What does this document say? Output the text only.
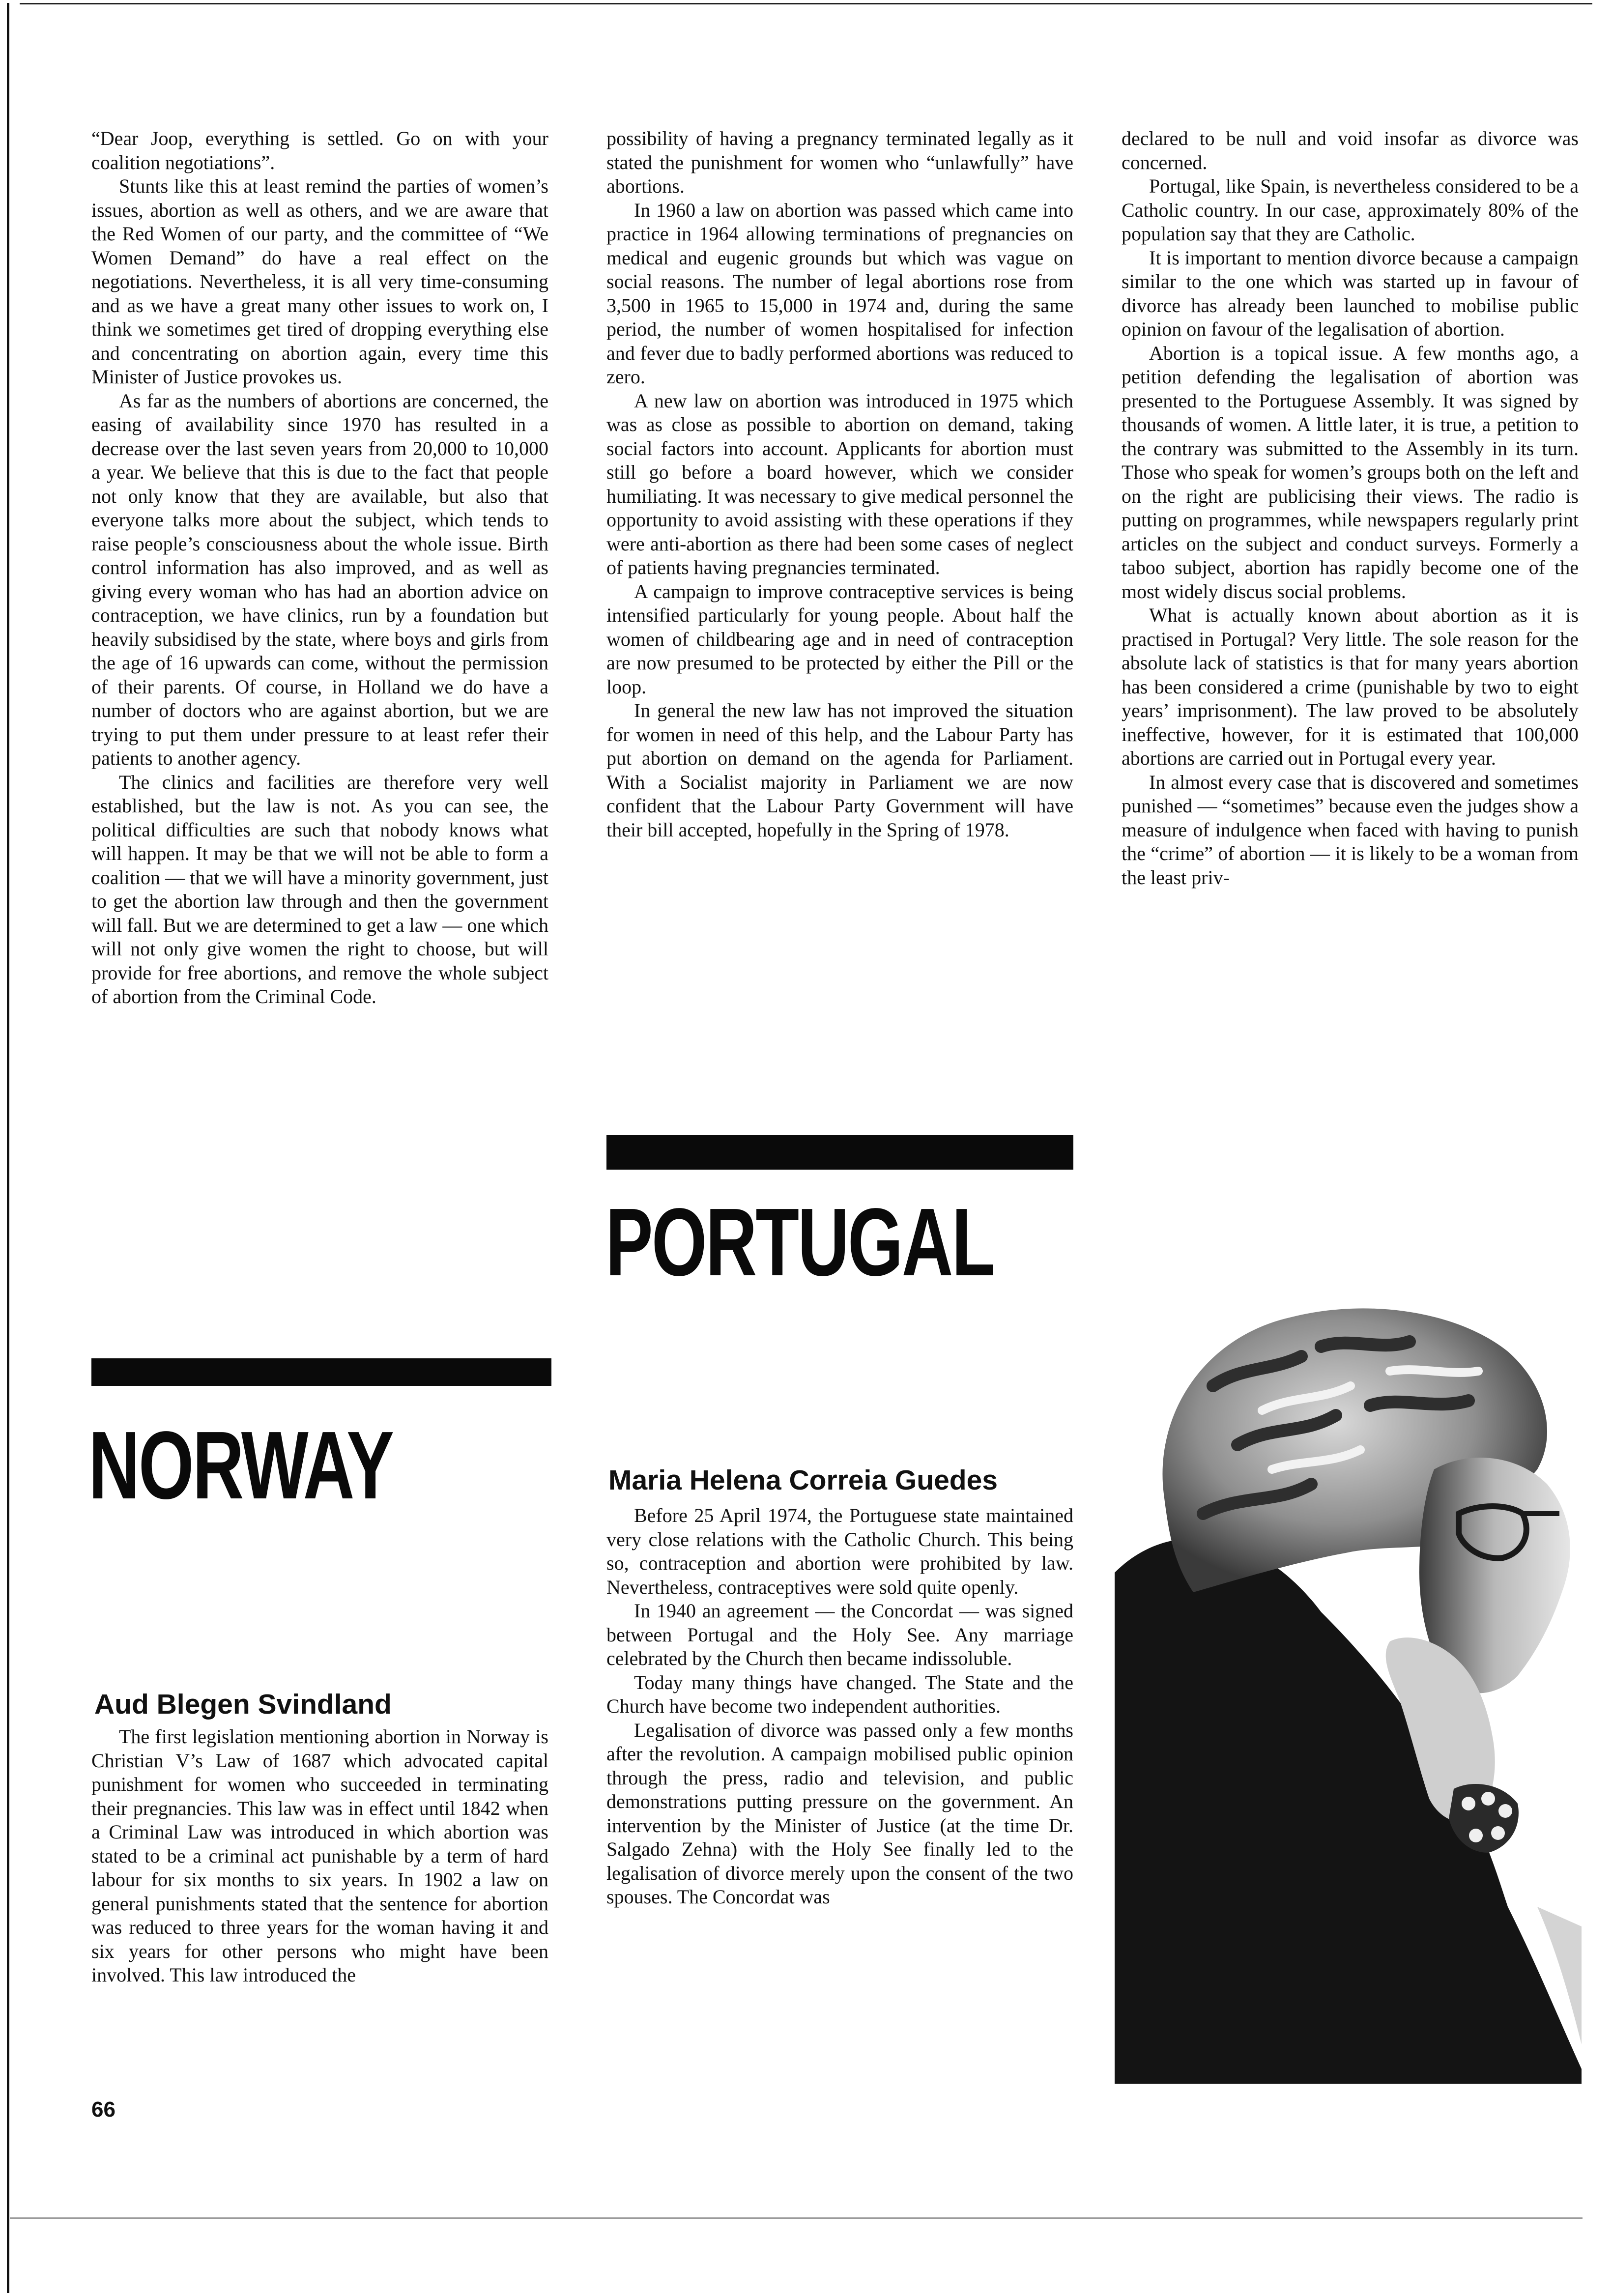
“Dear Joop, everything is settled. Go on with your coalition negotiations”.

Stunts like this at least remind the parties of women’s issues, abortion as well as others, and we are aware that the Red Women of our party, and the committee of “We Women Demand” do have a real effect on the negotiations. Nevertheless, it is all very time-consuming and as we have a great many other issues to work on, I think we sometimes get tired of dropping everything else and concentrating on abortion again, every time this Minister of Justice provokes us.

As far as the numbers of abortions are concerned, the easing of availability since 1970 has resulted in a decrease over the last seven years from 20,000 to 10,000 a year. We believe that this is due to the fact that people not only know that they are available, but also that everyone talks more about the subject, which tends to raise people’s consciousness about the whole issue. Birth control information has also improved, and as well as giving every woman who has had an abortion advice on contraception, we have clinics, run by a foundation but heavily subsidised by the state, where boys and girls from the age of 16 upwards can come, without the permission of their parents. Of course, in Holland we do have a number of doctors who are against abortion, but we are trying to put them under pressure to at least refer their patients to another agency.

The clinics and facilities are therefore very well established, but the law is not. As you can see, the political difficulties are such that nobody knows what will happen. It may be that we will not be able to form a coalition — that we will have a minority government, just to get the abortion law through and then the government will fall. But we are determined to get a law — one which will not only give women the right to choose, but will provide for free abortions, and remove the whole subject of abortion from the Criminal Code.

NORWAY
Aud Blegen Svindland

The first legislation mentioning abortion in Norway is Christian V’s Law of 1687 which advocated capital punishment for women who succeeded in terminating their pregnancies. This law was in effect until 1842 when a Criminal Law was introduced in which abortion was stated to be a criminal act punishable by a term of hard labour for six months to six years. In 1902 a law on general punishments stated that the sentence for abortion was reduced to three years for the woman having it and six years for other persons who might have been involved. This law introduced the

possibility of having a pregnancy terminated legally as it stated the punishment for women who “unlawfully” have abortions.

In 1960 a law on abortion was passed which came into practice in 1964 allowing terminations of pregnancies on medical and eugenic grounds but which was vague on social reasons. The number of legal abortions rose from 3,500 in 1965 to 15,000 in 1974 and, during the same period, the number of women hospitalised for infection and fever due to badly performed abortions was reduced to zero.

A new law on abortion was introduced in 1975 which was as close as possible to abortion on demand, taking social factors into account. Applicants for abortion must still go before a board however, which we consider humiliating. It was necessary to give medical personnel the opportunity to avoid assisting with these operations if they were anti-abortion as there had been some cases of neglect of patients having pregnancies terminated.

A campaign to improve contraceptive services is being intensified particularly for young people. About half the women of childbearing age and in need of contraception are now presumed to be protected by either the Pill or the loop.

In general the new law has not improved the situation for women in need of this help, and the Labour Party has put abortion on demand on the agenda for Parliament. With a Socialist majority in Parliament we are now confident that the Labour Party Government will have their bill accepted, hopefully in the Spring of 1978.

PORTUGAL
Maria Helena Correia Guedes

Before 25 April 1974, the Portuguese state maintained very close relations with the Catholic Church. This being so, contraception and abortion were prohibited by law. Nevertheless, contraceptives were sold quite openly.

In 1940 an agreement — the Concordat — was signed between Portugal and the Holy See. Any marriage celebrated by the Church then became indissoluble.

Today many things have changed. The State and the Church have become two independent authorities.

Legalisation of divorce was passed only a few months after the revolution. A campaign mobilised public opinion through the press, radio and television, and public demonstrations putting pressure on the government. An intervention by the Minister of Justice (at the time Dr. Salgado Zehna) with the Holy See finally led to the legalisation of divorce merely upon the consent of the two spouses. The Concordat was

declared to be null and void insofar as divorce was concerned.

Portugal, like Spain, is nevertheless considered to be a Catholic country. In our case, approximately 80% of the population say that they are Catholic.

It is important to mention divorce because a campaign similar to the one which was started up in favour of divorce has already been launched to mobilise public opinion on favour of the legalisation of abortion.

Abortion is a topical issue. A few months ago, a petition defending the legalisation of abortion was presented to the Portuguese Assembly. It was signed by thousands of women. A little later, it is true, a petition to the contrary was submitted to the Assembly in its turn. Those who speak for women’s groups both on the left and on the right are publicising their views. The radio is putting on programmes, while newspapers regularly print articles on the subject and conduct surveys. Formerly a taboo subject, abortion has rapidly become one of the most widely discus social problems.

What is actually known about abortion as it is practised in Portugal? Very little. The sole reason for the absolute lack of statistics is that for many years abortion has been considered a crime (punishable by two to eight years’ imprisonment). The law proved to be absolutely ineffective, however, for it is estimated that 100,000 abortions are carried out in Portugal every year.

In almost every case that is discovered and sometimes punished — “sometimes” because even the judges show a measure of indulgence when faced with having to punish the “crime” of abortion — it is likely to be a woman from the least priv-

66
